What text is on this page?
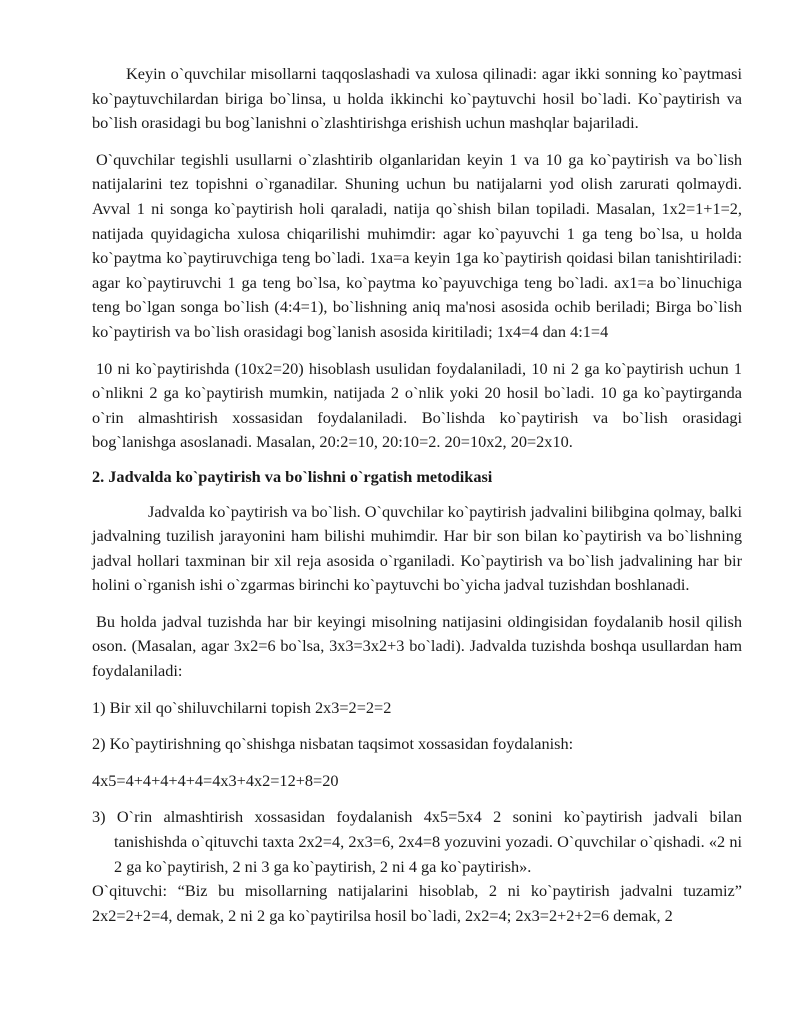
Keyin o`quvchilar misollarni taqqoslashadi va xulosa qilinadi: agar ikki sonning ko`paytmasi ko`paytuvchilardan biriga bo`linsa, u holda ikkinchi ko`paytuvchi hosil bo`ladi. Ko`paytirish va bo`lish orasidagi bu bog`lanishni o`zlashtirishga erishish uchun mashqlar bajariladi.

O`quvchilar tegishli usullarni o`zlashtirib olganlaridan keyin 1 va 10 ga ko`paytirish va bo`lish natijalarini tez topishni o`rganadilar. Shuning uchun bu natijalarni yod olish zarurati qolmaydi. Avval 1 ni songa ko`paytirish holi qaraladi, natija qo`shish bilan topiladi. Masalan, 1x2=1+1=2, natijada quyidagicha xulosa chiqarilishi muhimdir: agar ko`payuvchi 1 ga teng bo`lsa, u holda ko`paytma ko`paytiruvchiga teng bo`ladi. 1xa=a keyin 1ga ko`paytirish qoidasi bilan tanishtiriladi: agar ko`paytiruvchi 1 ga teng bo`lsa, ko`paytma ko`payuvchiga teng bo`ladi. ax1=a bo`linuchiga teng bo`lgan songa bo`lish (4:4=1), bo`lishning aniq ma'nosi asosida ochib beriladi; Birga bo`lish ko`paytirish va bo`lish orasidagi bog`lanish asosida kiritiladi; 1x4=4 dan 4:1=4

10 ni ko`paytirishda (10x2=20) hisoblash usulidan foydalaniladi, 10 ni 2 ga ko`paytirish uchun 1 o`nlikni 2 ga ko`paytirish mumkin, natijada 2 o`nlik yoki 20 hosil bo`ladi. 10 ga ko`paytirganda o`rin almashtirish xossasidan foydalaniladi. Bo`lishda ko`paytirish va bo`lish orasidagi bog`lanishga asoslanadi. Masalan, 20:2=10, 20:10=2. 20=10x2, 20=2x10.

2. Jadvalda ko`paytirish va bo`lishni o`rgatish metodikasi

Jadvalda ko`paytirish va bo`lish. O`quvchilar ko`paytirish jadvalini bilibgina qolmay, balki jadvalning tuzilish jarayonini ham bilishi muhimdir. Har bir son bilan ko`paytirish va bo`lishning jadval hollari taxminan bir xil reja asosida o`rganiladi. Ko`paytirish va bo`lish jadvalining har bir holini o`rganish ishi o`zgarmas birinchi ko`paytuvchi bo`yicha jadval tuzishdan boshlanadi.

Bu holda jadval tuzishda har bir keyingi misolning natijasini oldingisidan foydalanib hosil qilish oson. (Masalan, agar 3x2=6 bo`lsa, 3x3=3x2+3 bo`ladi). Jadvalda tuzishda boshqa usullardan ham foydalaniladi:

1) Bir xil qo`shiluvchilarni topish 2x3=2=2=2

2) Ko`paytirishning qo`shishga nisbatan taqsimot xossasidan foydalanish:

4x5=4+4+4+4+4=4x3+4x2=12+8=20

3) O`rin almashtirish xossasidan foydalanish 4x5=5x4 2 sonini ko`paytirish jadvali bilan tanishishda o`qituvchi taxta 2x2=4, 2x3=6, 2x4=8 yozuvini yozadi. O`quvchilar o`qishadi. «2 ni 2 ga ko`paytirish, 2 ni 3 ga ko`paytirish, 2 ni 4 ga ko`paytirish».

O`qituvchi: “Biz bu misollarning natijalarini hisoblab, 2 ni ko`paytirish jadvalni tuzamiz” 2x2=2+2=4, demak, 2 ni 2 ga ko`paytirilsa hosil bo`ladi, 2x2=4; 2x3=2+2+2=6 demak, 2
